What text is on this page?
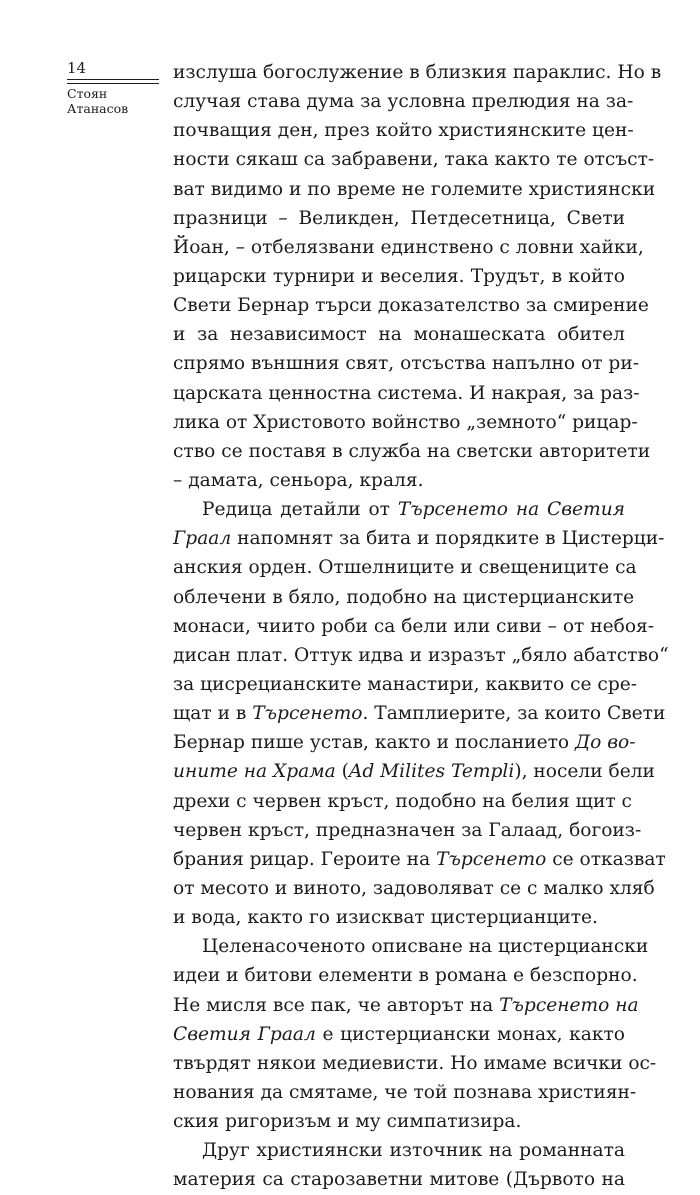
14
Стоян
Атанасов
изслуша богослужение в близкия параклис. Но в
случая става дума за условна прелюдия на за-
почващия ден, през който християнските цен-
ности сякаш са забравени, така както те отсъст-
ват видимо и по време не големите християнски
празници – Великден, Петдесетница, Свети
Йоан, – отбелязвани единствено с ловни хайки,
рицарски турнири и веселия. Трудът, в който
Свети Бернар търси доказателство за смирение
и за независимост на монашеската обител
спрямо външния свят, отсъства напълно от ри-
царската ценностна система. И накрая, за раз-
лика от Христовото войнство „земното“ рицар-
ство се поставя в служба на светски авторитети
– дамата, сеньора, краля.
Редица детайли от Търсенето на Светия
Граал напомнят за бита и порядките в Цистерци-
анския орден. Отшелниците и свещениците са
облечени в бяло, подобно на цистерцианските
монаси, чиито роби са бели или сиви – от небоя-
дисан плат. Оттук идва и изразът „бяло абатство“
за цисрецианските манастири, каквито се сре-
щат и в Търсенето. Тамплиерите, за които Свети
Бернар пише устав, както и посланието До во-
ините на Храма (Ad Milites Templi), носели бели
дрехи с червен кръст, подобно на белия щит с
червен кръст, предназначен за Галаад, богоиз-
брания рицар. Героите на Търсенето се отказват
от месото и виното, задоволяват се с малко хляб
и вода, както го изискват цистерцианците.
Целенасоченото описване на цистерциански
идеи и битови елементи в романа е безспорно.
Не мисля все пак, че авторът на Търсенето на
Светия Граал е цистерциански монах, както
твърдят някои медиевисти. Но имаме всички ос-
нования да смятаме, че той познава християн-
ския ригоризъм и му симпатизира.
Друг християнски източник на романната
материя са старозаветни митове (Дървото на
